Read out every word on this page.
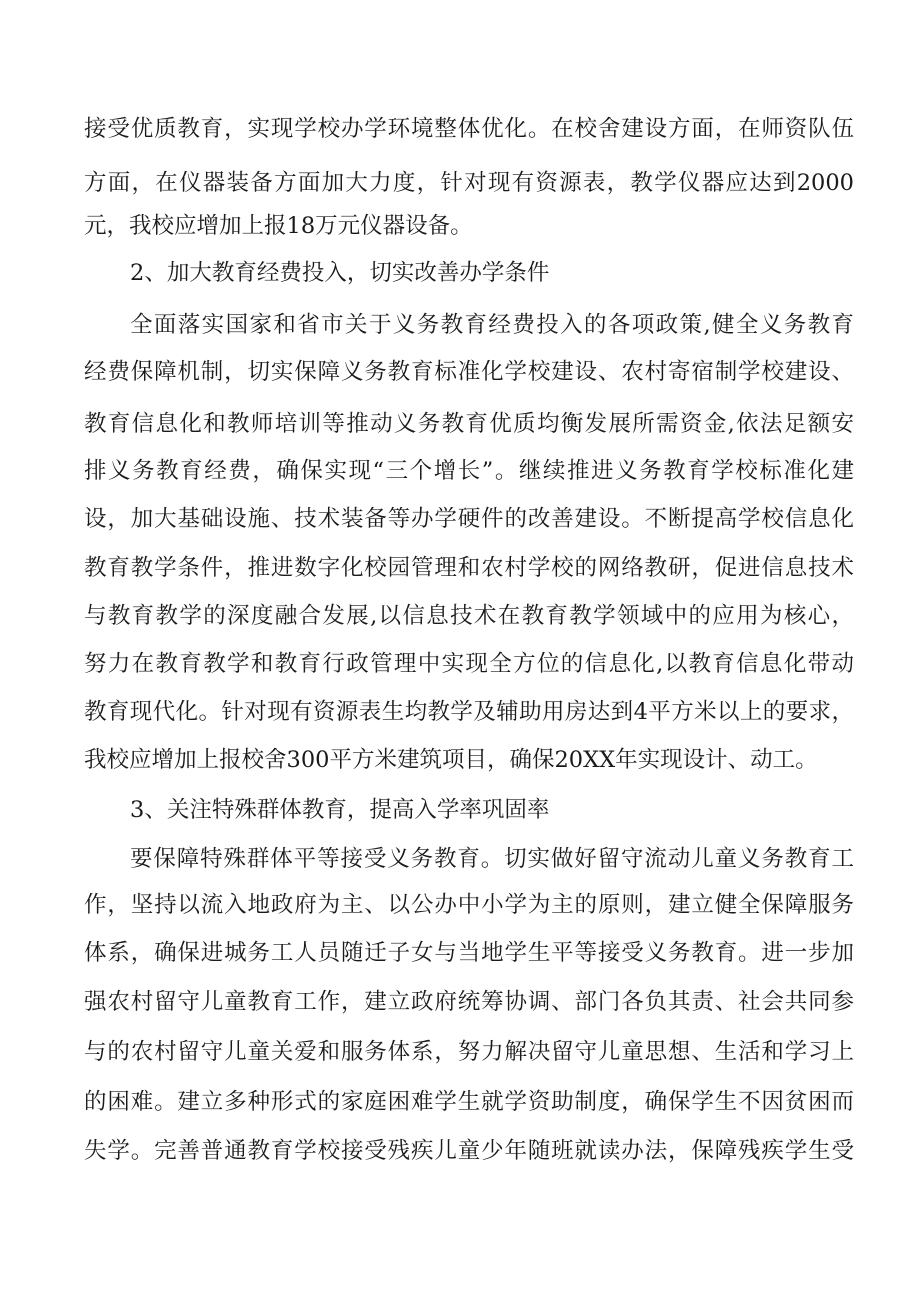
接受优质教育，实现学校办学环境整体优化。在校舍建设方面，在师资队伍
方面，在仪器装备方面加大力度，针对现有资源表，教学仪器应达到2000
元，我校应增加上报18万元仪器设备。
2、加大教育经费投入，切实改善办学条件
全面落实国家和省市关于义务教育经费投入的各项政策,健全义务教育
经费保障机制，切实保障义务教育标准化学校建设、农村寄宿制学校建设、
教育信息化和教师培训等推动义务教育优质均衡发展所需资金,依法足额安
排义务教育经费，确保实现“三个增长”。继续推进义务教育学校标准化建
设，加大基础设施、技术装备等办学硬件的改善建设。不断提高学校信息化
教育教学条件，推进数字化校园管理和农村学校的网络教研，促进信息技术
与教育教学的深度融合发展,以信息技术在教育教学领域中的应用为核心，
努力在教育教学和教育行政管理中实现全方位的信息化,以教育信息化带动
教育现代化。针对现有资源表生均教学及辅助用房达到4平方米以上的要求，
我校应增加上报校舍300平方米建筑项目，确保20XX年实现设计、动工。
3、关注特殊群体教育，提高入学率巩固率
要保障特殊群体平等接受义务教育。切实做好留守流动儿童义务教育工
作，坚持以流入地政府为主、以公办中小学为主的原则，建立健全保障服务
体系，确保进城务工人员随迁子女与当地学生平等接受义务教育。进一步加
强农村留守儿童教育工作，建立政府统筹协调、部门各负其责、社会共同参
与的农村留守儿童关爱和服务体系，努力解决留守儿童思想、生活和学习上
的困难。建立多种形式的家庭困难学生就学资助制度，确保学生不因贫困而
失学。完善普通教育学校接受残疾儿童少年随班就读办法，保障残疾学生受
